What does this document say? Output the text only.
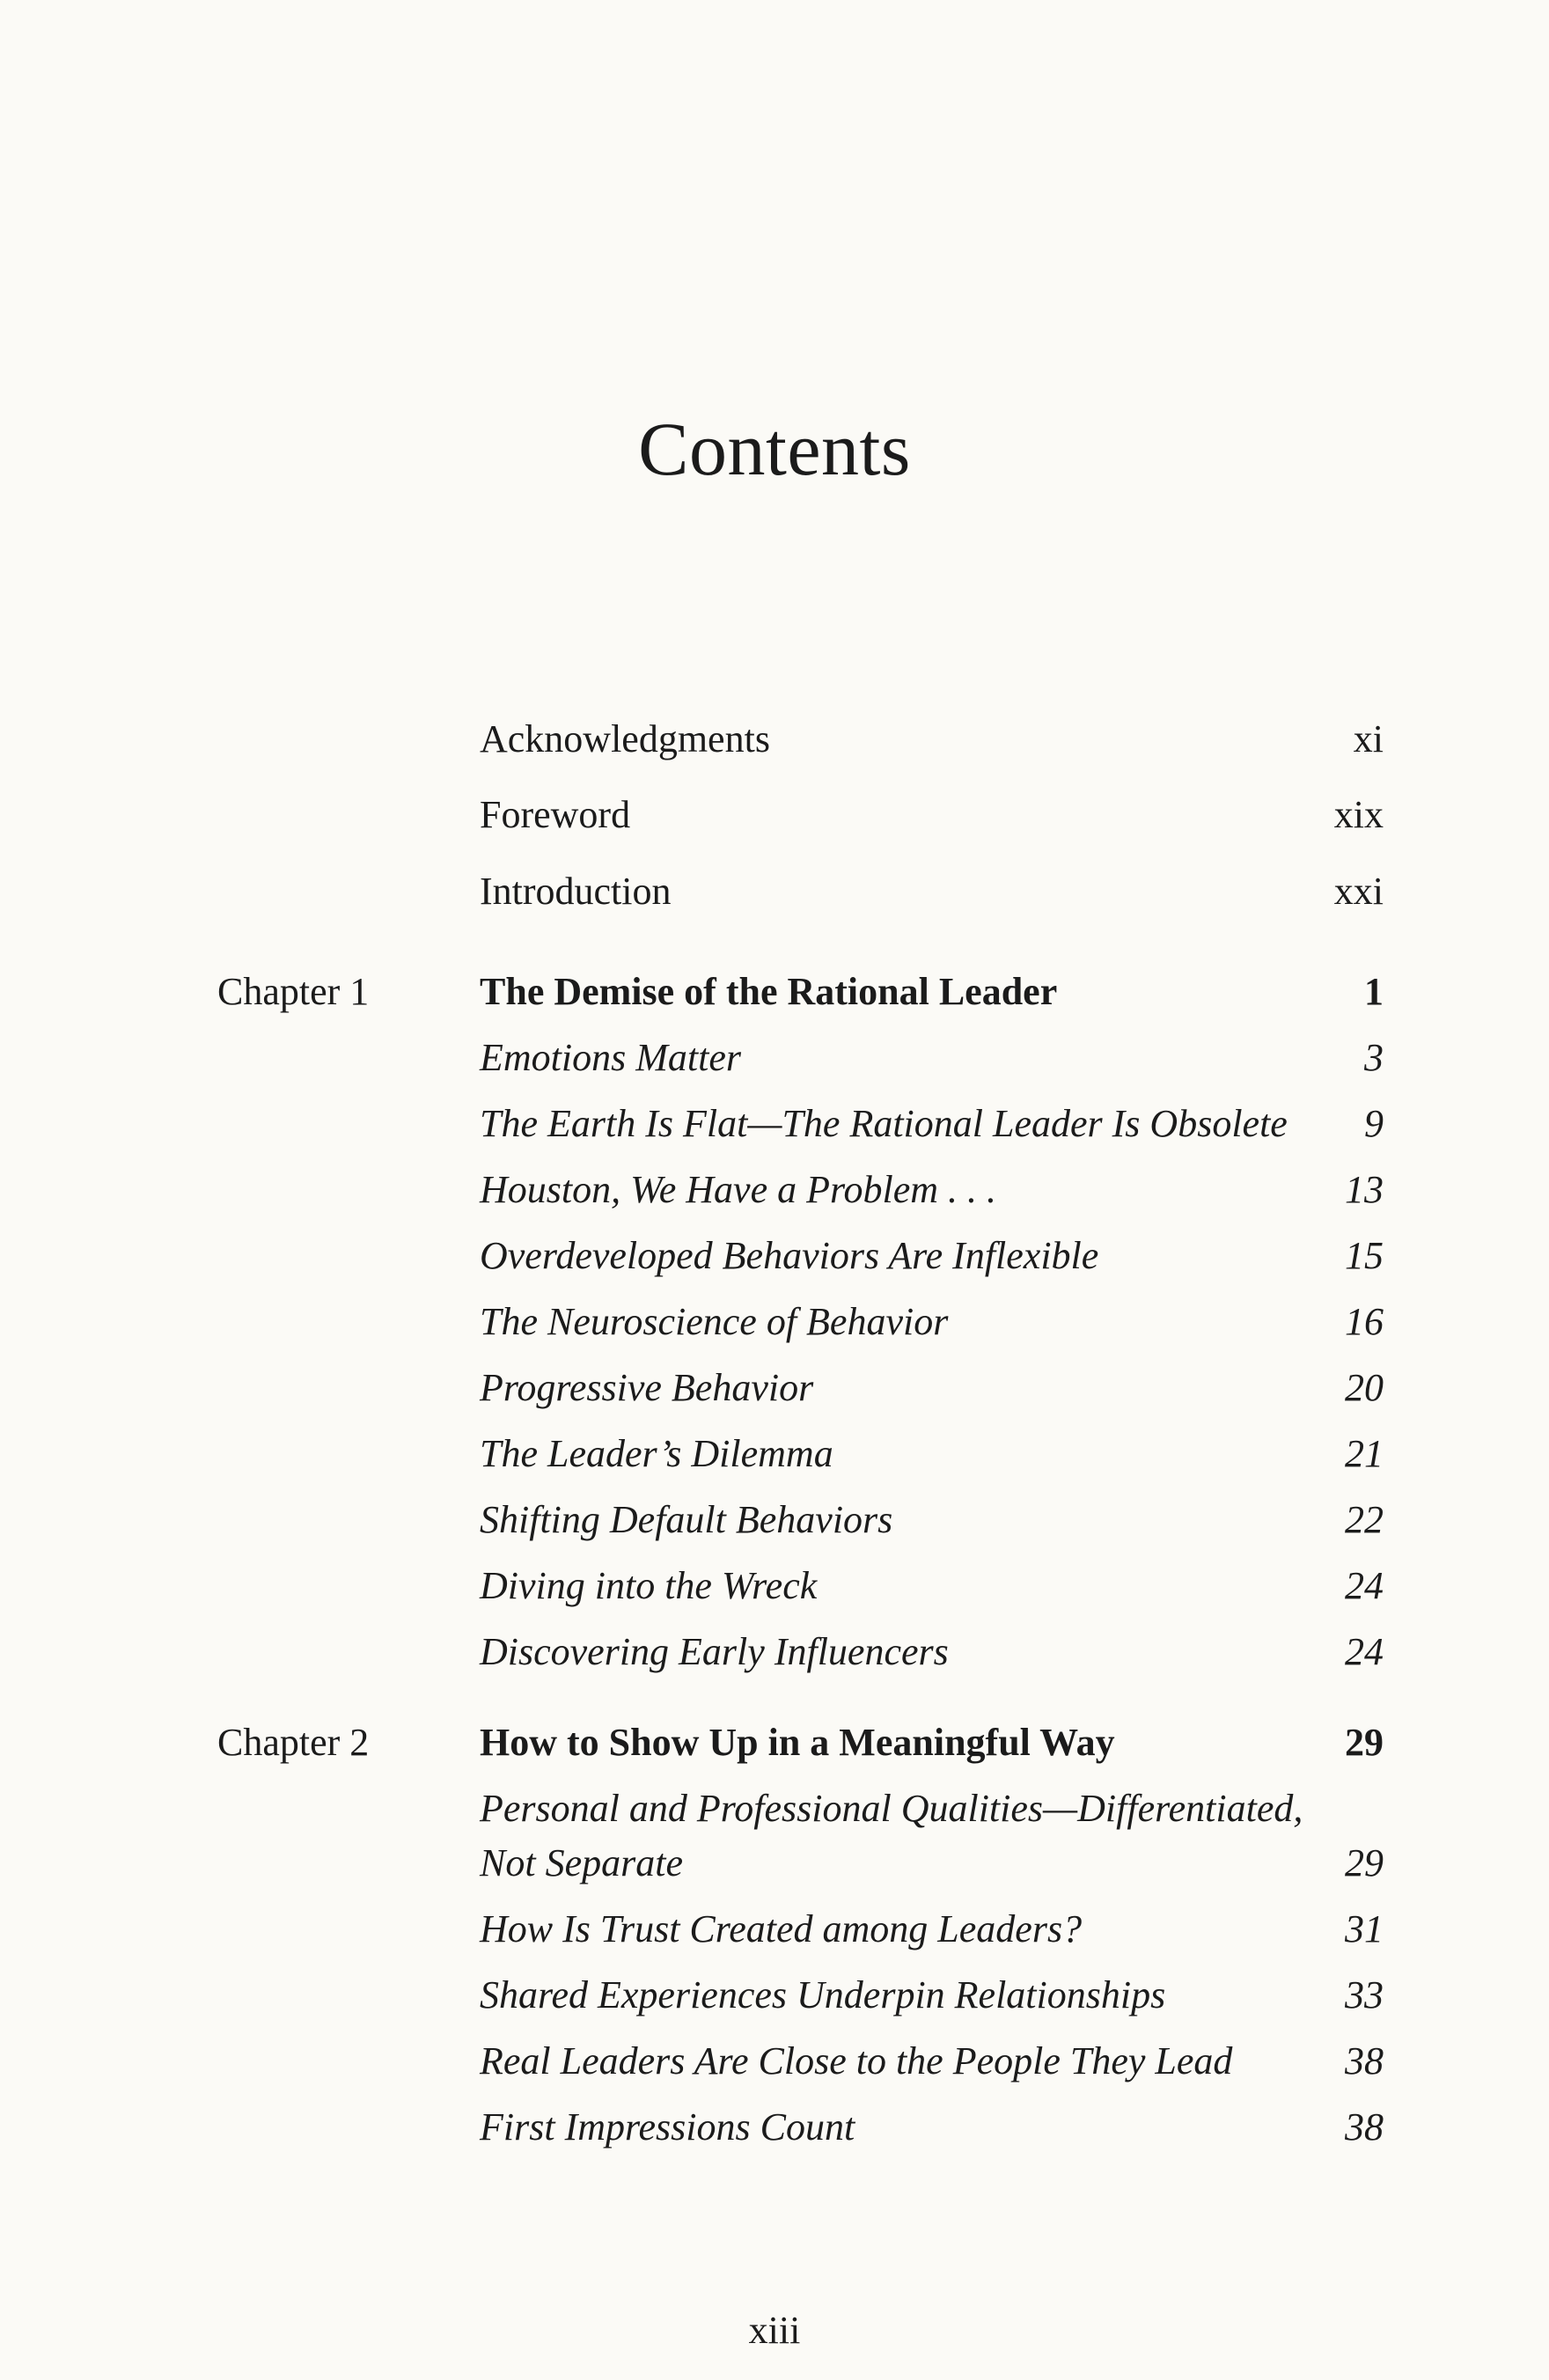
Contents
Acknowledgments	xi
Foreword	xix
Introduction	xxi
Chapter 1	The Demise of the Rational Leader	1
Emotions Matter	3
The Earth Is Flat—The Rational Leader Is Obsolete 9
Houston, We Have a Problem . . .	13
Overdeveloped Behaviors Are Inflexible	15
The Neuroscience of Behavior	16
Progressive Behavior	20
The Leader’s Dilemma	21
Shifting Default Behaviors	22
Diving into the Wreck	24
Discovering Early Influencers	24
Chapter 2	How to Show Up in a Meaningful Way	29
Personal and Professional Qualities—Differentiated,
Not Separate	29
How Is Trust Created among Leaders?	31
Shared Experiences Underpin Relationships	33
Real Leaders Are Close to the People They Lead	38
First Impressions Count	38
xiii
